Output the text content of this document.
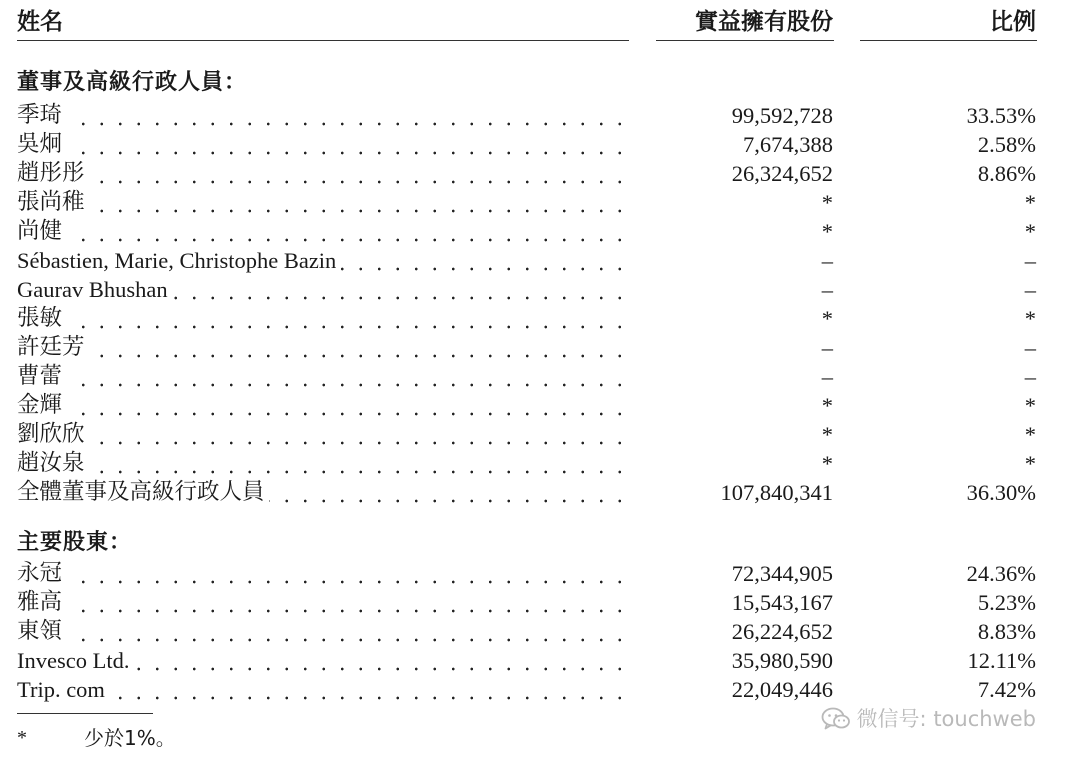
姓名	實益擁有股份	比例
董事及高級行政人員：
季琦	99,592,728	33.53%
吳炯	7,674,388	2.58%
趙彤彤	26,324,652	8.86%
張尚稚	*	*
尚健	*	*
Sébastien, Marie, Christophe Bazin	–	–
Gaurav Bhushan	–	–
張敏	*	*
許廷芳	–	–
曹蕾	–	–
金輝	*	*
劉欣欣	*	*
趙汝泉	*	*
全體董事及高級行政人員	107,840,341	36.30%
主要股東：
永冠	72,344,905	24.36%
雅高	15,543,167	5.23%
東領	26,224,652	8.83%
Invesco Ltd.	35,980,590	12.11%
Trip. com	22,049,446	7.42%
*	少於1%。
微信号: touchweb
